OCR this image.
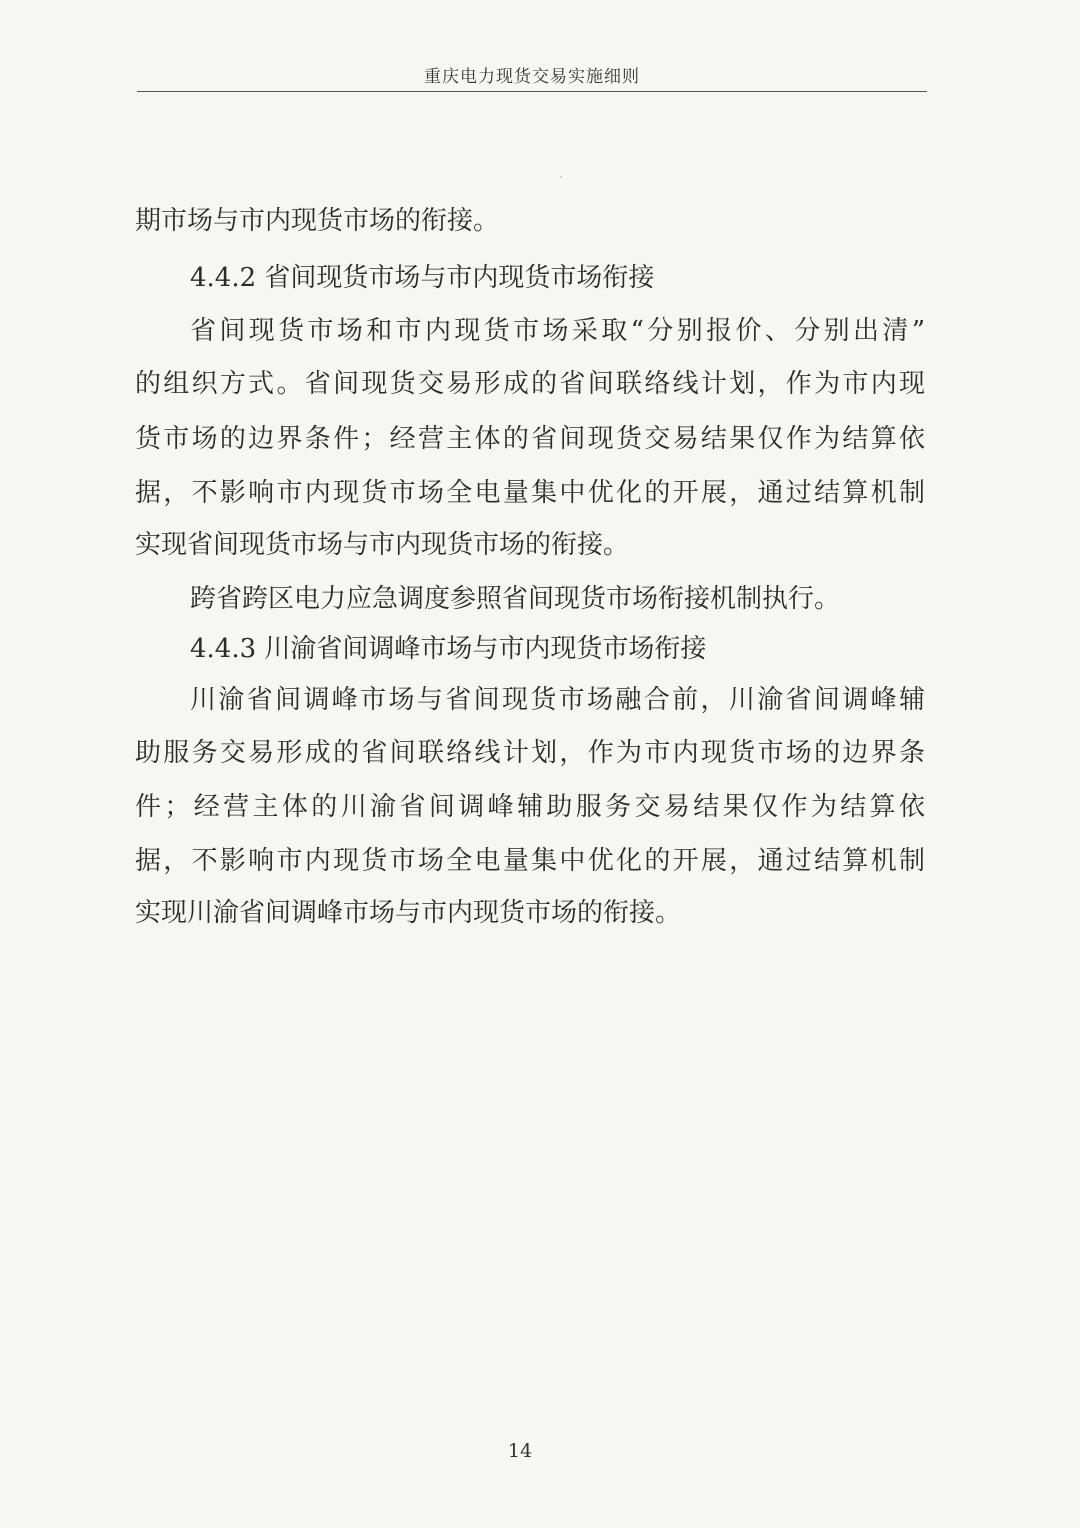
重庆电力现货交易实施细则
期市场与市内现货市场的衔接。
4.4.2 省间现货市场与市内现货市场衔接
省间现货市场和市内现货市场采取“分别报价、分别出清”
的组织方式。省间现货交易形成的省间联络线计划，作为市内现
货市场的边界条件；经营主体的省间现货交易结果仅作为结算依
据，不影响市内现货市场全电量集中优化的开展，通过结算机制
实现省间现货市场与市内现货市场的衔接。
跨省跨区电力应急调度参照省间现货市场衔接机制执行。
4.4.3 川渝省间调峰市场与市内现货市场衔接
川渝省间调峰市场与省间现货市场融合前，川渝省间调峰辅
助服务交易形成的省间联络线计划，作为市内现货市场的边界条
件；经营主体的川渝省间调峰辅助服务交易结果仅作为结算依
据，不影响市内现货市场全电量集中优化的开展，通过结算机制
实现川渝省间调峰市场与市内现货市场的衔接。
14
